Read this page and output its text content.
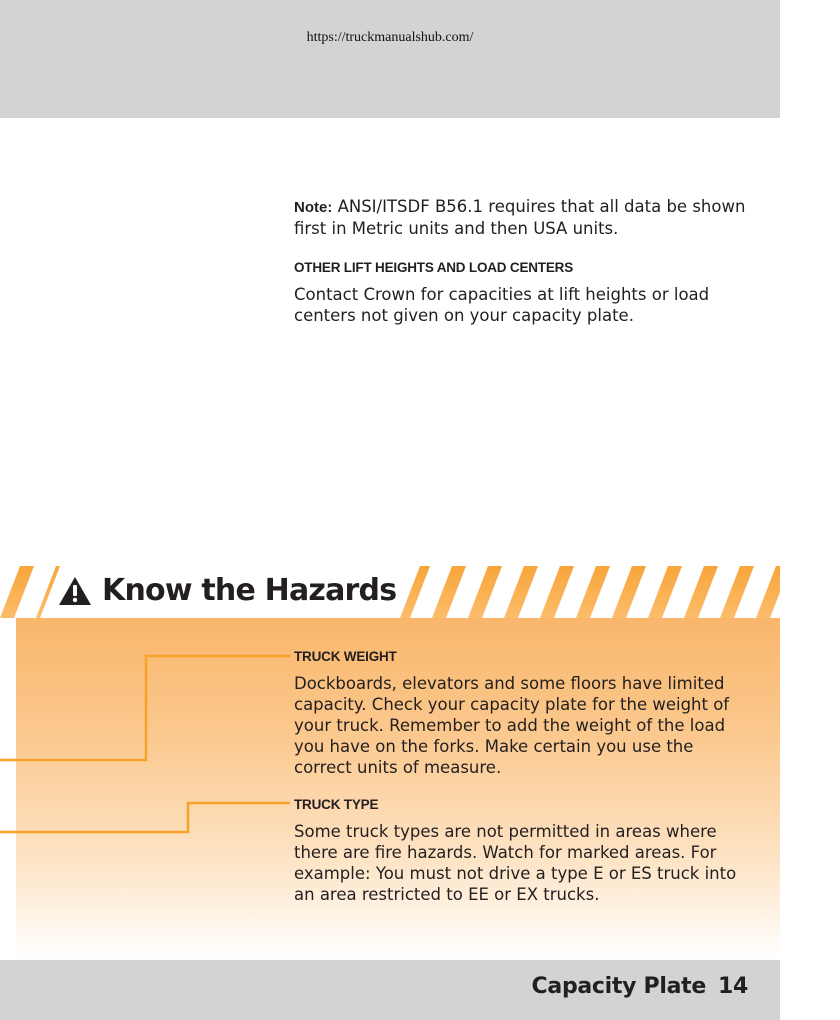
https://truckmanualshub.com/
Note: ANSI/ITSDF B56.1 requires that all data be shown first in Metric units and then USA units.
OTHER LIFT HEIGHTS AND LOAD CENTERS
Contact Crown for capacities at lift heights or load centers not given on your capacity plate.
Know the Hazards
TRUCK WEIGHT
Dockboards, elevators and some floors have limited capacity. Check your capacity plate for the weight of your truck. Remember to add the weight of the load you have on the forks. Make certain you use the correct units of measure.
TRUCK TYPE
Some truck types are not permitted in areas where there are fire hazards. Watch for marked areas. For example: You must not drive a type E or ES truck into an area restricted to EE or EX trucks.
Capacity Plate 14
